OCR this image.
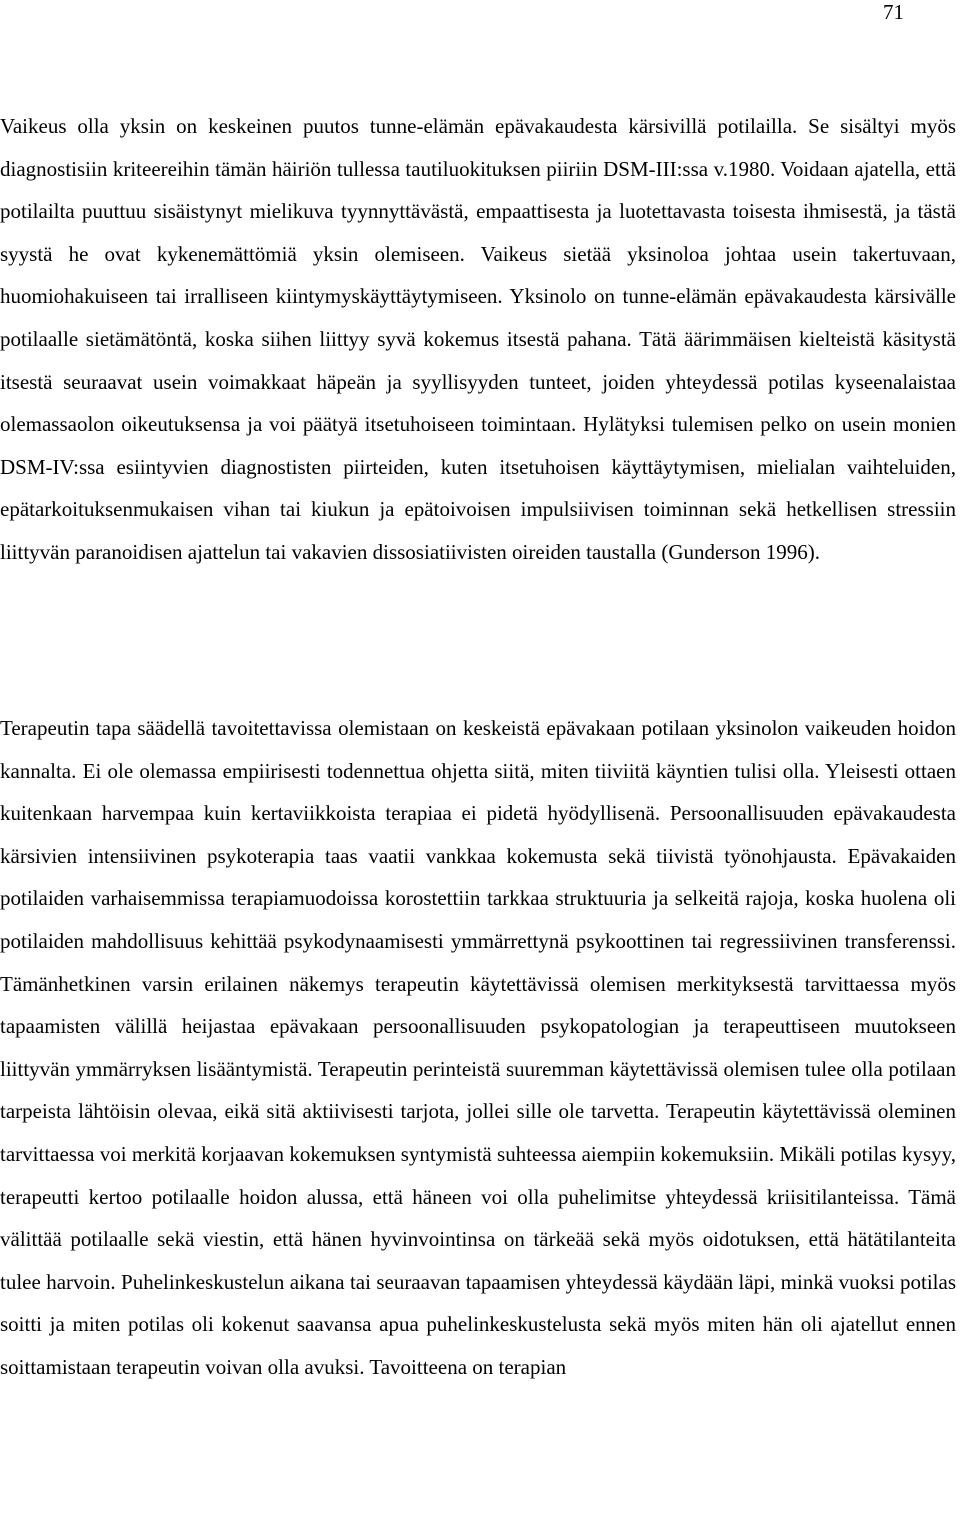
71

Vaikeus olla yksin on keskeinen puutos tunne-elämän epävakaudesta kärsivillä potilailla. Se sisältyi myös diagnostisiin kriteereihin tämän häiriön tullessa tautiluokituksen piiriin DSM-III:ssa v.1980. Voidaan ajatella, että potilailta puuttuu sisäistynyt mielikuva tyynnyttävästä, empaattisesta ja luotettavasta toisesta ihmisestä, ja tästä syystä he ovat kykenemättömiä yksin olemiseen. Vaikeus sietää yksinoloa johtaa usein takertuvaan, huomiohakuiseen tai irralliseen kiintymyskäyttäytymiseen. Yksinolo on tunne-elämän epävakaudesta kärsivälle potilaalle sietämätöntä, koska siihen liittyy syvä kokemus itsestä pahana. Tätä äärimmäisen kielteistä käsitystä itsestä seuraavat usein voimakkaat häpeän ja syyllisyyden tunteet, joiden yhteydessä potilas kyseenalaistaa olemassaolon oikeutuksensa ja voi päätyä itsetuhoiseen toimintaan. Hylätyksi tulemisen pelko on usein monien DSM-IV:ssa esiintyvien diagnostisten piirteiden, kuten itsetuhoisen käyttäytymisen, mielialan vaihteluiden, epätarkoituksenmukaisen vihan tai kiukun ja epätoivoisen impulsiivisen toiminnan sekä hetkellisen stressiin liittyvän paranoidisen ajattelun tai vakavien dissosiatiivisten oireiden taustalla (Gunderson 1996).

Terapeutin tapa säädellä tavoitettavissa olemistaan on keskeistä epävakaan potilaan yksinolon vaikeuden hoidon kannalta. Ei ole olemassa empiirisesti todennettua ohjetta siitä, miten tiiviitä käyntien tulisi olla. Yleisesti ottaen kuitenkaan harvempaa kuin kertaviikkoista terapiaa ei pidetä hyödyllisenä. Persoonallisuuden epävakaudesta kärsivien intensiivinen psykoterapia taas vaatii vankkaa kokemusta sekä tiivistä työnohjausta. Epävakaiden potilaiden varhaisemmissa terapiamuodoissa korostettiin tarkkaa struktuuria ja selkeitä rajoja, koska huolena oli potilaiden mahdollisuus kehittää psykodynaamisesti ymmärrettynä psykoottinen tai regressiivinen transferenssi. Tämänhetkinen varsin erilainen näkemys terapeutin käytettävissä olemisen merkityksestä tarvittaessa myös tapaamisten välillä heijastaa epävakaan persoonallisuuden psykopatologian ja terapeuttiseen muutokseen liittyvän ymmärryksen lisääntymistä. Terapeutin perinteistä suuremman käytettävissä olemisen tulee olla potilaan tarpeista lähtöisin olevaa, eikä sitä aktiivisesti tarjota, jollei sille ole tarvetta. Terapeutin käytettävissä oleminen tarvittaessa voi merkitä korjaavan kokemuksen syntymistä suhteessa aiempiin kokemuksiin. Mikäli potilas kysyy, terapeutti kertoo potilaalle hoidon alussa, että häneen voi olla puhelimitse yhteydessä kriisitilanteissa. Tämä välittää potilaalle sekä viestin, että hänen hyvinvointinsa on tärkeää sekä myös oidotuksen, että hätätilanteita tulee harvoin. Puhelinkeskustelun aikana tai seuraavan tapaamisen yhteydessä käydään läpi, minkä vuoksi potilas soitti ja miten potilas oli kokenut saavansa apua puhelinkeskustelusta sekä myös miten hän oli ajatellut ennen soittamistaan terapeutin voivan olla avuksi. Tavoitteena on terapian
